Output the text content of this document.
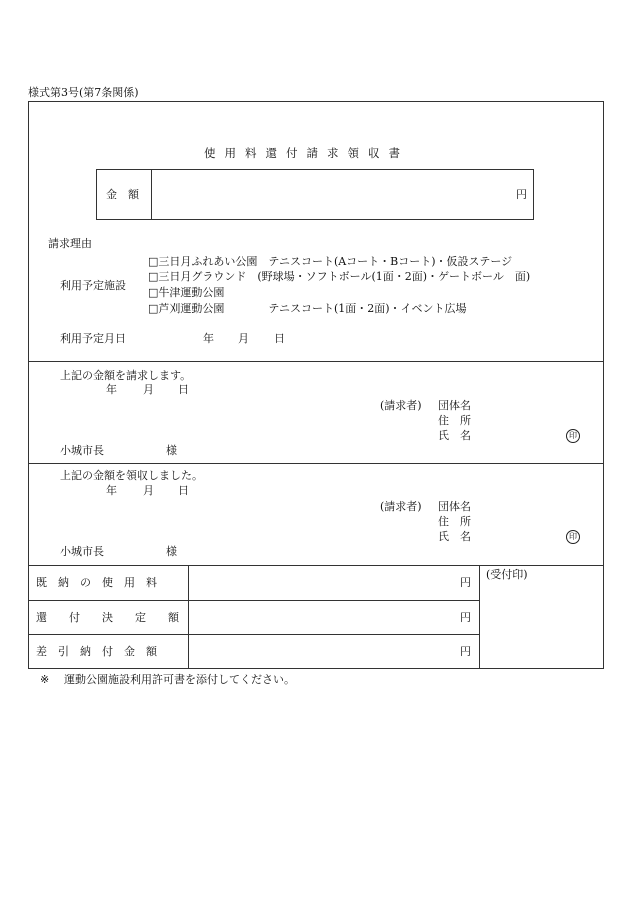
様式第3号(第7条関係)
使用料還付請求領収書
金　額	円
請求理由
利用予定施設
□三日月ふれあい公園　テニスコート(Aコート・Bコート)・仮設ステージ
□三日月グラウンド　(野球場・ソフトボール(1面・2面)・ゲートボール　面)
□牛津運動公園
□芦刈運動公園　　　　テニスコート(1面・2面)・イベント広場
利用予定月日	年 月 日
上記の金額を請求します。
年 月 日
(請求者) 団体名
住　所
氏　名	印
小城市長	様
上記の金額を領収しました。
年 月 日
(請求者) 団体名
住　所
氏　名	印
小城市長	様
既　納　の　使　用　料	円
還　　付　　決　　定　　額	円
差　引　納　付　金　額	円
(受付印)
※ 運動公園施設利用許可書を添付してください。
